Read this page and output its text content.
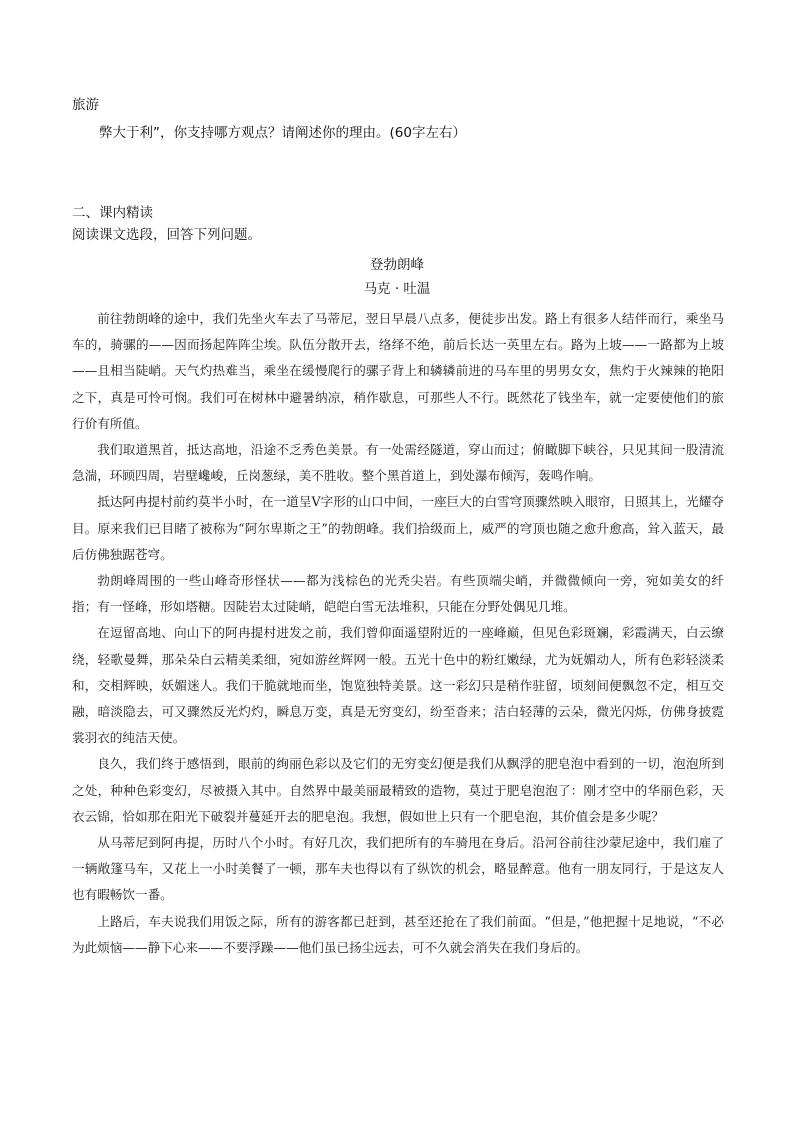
旅游
弊大于利”，你支持哪方观点？请阐述你的理由。(60字左右）
二、课内精读
阅读课文选段，回答下列问题。
登勃朗峰
马克 · 吐温

前往勃朗峰的途中，我们先坐火车去了马蒂尼，翌日早晨八点多，便徒步出发。路上有很多人结伴而行，乘坐马车的，骑骡的——因而扬起阵阵尘埃。队伍分散开去，络绎不绝，前后长达一英里左右。路为上坡——一路都为上坡——且相当陡峭。天气灼热难当，乘坐在缓慢爬行的骡子背上和辚辚前进的马车里的男男女女，焦灼于火辣辣的艳阳之下，真是可怜可悯。我们可在树林中避暑纳凉，稍作歇息，可那些人不行。既然花了钱坐车，就一定要使他们的旅行价有所值。

我们取道黑首，抵达高地，沿途不乏秀色美景。有一处需经隧道，穿山而过；俯瞰脚下峡谷，只见其间一股清流急湍，环顾四周，岩壁巉峻，丘岗葱绿，美不胜收。整个黑首道上，到处瀑布倾泻，轰鸣作响。

抵达阿冉提村前约莫半小时，在一道呈V字形的山口中间，一座巨大的白雪穹顶骤然映入眼帘，日照其上，光耀夺目。原来我们已目睹了被称为“阿尔卑斯之王”的勃朗峰。我们拾级而上，威严的穹顶也随之愈升愈高，耸入蓝天，最后仿佛独踞苍穹。

勃朗峰周围的一些山峰奇形怪状——都为浅棕色的光秃尖岩。有些顶端尖峭，并微微倾向一旁，宛如美女的纤指；有一怪峰，形如塔糖。因陡岩太过陡峭，皑皑白雪无法堆积，只能在分野处偶见几堆。

在逗留高地、向山下的阿冉提村进发之前，我们曾仰面遥望附近的一座峰巅，但见色彩斑斓，彩霞满天，白云缭绕，轻歌曼舞，那朵朵白云精美柔细，宛如游丝辉网一般。五光十色中的粉红嫩绿，尤为妩媚动人，所有色彩轻淡柔和，交相辉映，妖媚迷人。我们干脆就地而坐，饱览独特美景。这一彩幻只是稍作驻留，顷刻间便飘忽不定，相互交融，暗淡隐去，可又骤然反光灼灼，瞬息万变，真是无穷变幻，纷至沓来；洁白轻薄的云朵，微光闪烁，仿佛身披霓裳羽衣的纯洁天使。

良久，我们终于感悟到，眼前的绚丽色彩以及它们的无穷变幻便是我们从飘浮的肥皂泡中看到的一切，泡泡所到之处，种种色彩变幻，尽被摄入其中。自然界中最美丽最精致的造物，莫过于肥皂泡泡了：刚才空中的华丽色彩，天衣云锦，恰如那在阳光下破裂并蔓延开去的肥皂泡。我想，假如世上只有一个肥皂泡，其价值会是多少呢？

从马蒂尼到阿冉提，历时八个小时。有好几次，我们把所有的车骑甩在身后。沿河谷前往沙蒙尼途中，我们雇了一辆敞篷马车，又花上一小时美餐了一顿，那车夫也得以有了纵饮的机会，略显醉意。他有一朋友同行，于是这友人也有暇畅饮一番。

上路后，车夫说我们用饭之际，所有的游客都已赶到，甚至还抢在了我们前面。“但是，”他把握十足地说，“不必为此烦恼——静下心来——不要浮躁——他们虽已扬尘远去，可不久就会消失在我们身后的。
